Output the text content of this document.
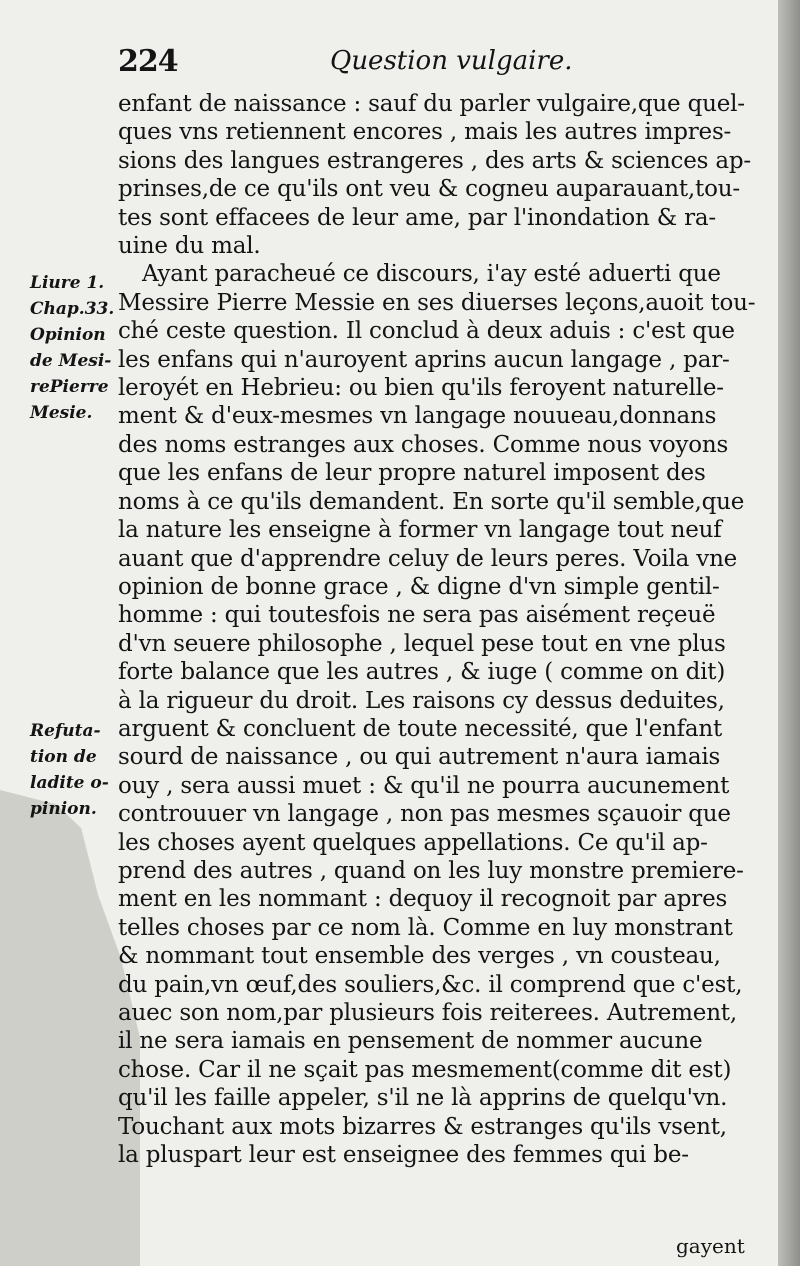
224	Question vulgaire.
Liure 1.
Chap.33.
Opinion
de Mesi-
rePierre
Mesie.
Refuta-
tion de
ladite o-
pinion.
enfant de naissance : sauf du parler vulgaire,que quel-
ques vns retiennent encores , mais les autres impres-
sions des langues estrangeres , des arts & sciences ap-
prinses,de ce qu'ils ont veu & cogneu auparauant,tou-
tes sont effacees de leur ame, par l'inondation & ra-
uine du mal.
Ayant paracheué ce discours, i'ay esté aduerti que
Messire Pierre Messie en ses diuerses leçons,auoit tou-
ché ceste question. Il conclud à deux aduis : c'est que
les enfans qui n'auroyent aprins aucun langage , par-
leroyét en Hebrieu: ou bien qu'ils feroyent naturelle-
ment & d'eux-mesmes vn langage nouueau,donnans
des noms estranges aux choses. Comme nous voyons
que les enfans de leur propre naturel imposent des
noms à ce qu'ils demandent. En sorte qu'il semble,que
la nature les enseigne à former vn langage tout neuf
auant que d'apprendre celuy de leurs peres. Voila vne
opinion de bonne grace , & digne d'vn simple gentil-
homme : qui toutesfois ne sera pas aisément reçeuë
d'vn seuere philosophe , lequel pese tout en vne plus
forte balance que les autres , & iuge ( comme on dit)
à la rigueur du droit. Les raisons cy dessus deduites,
arguent & concluent de toute necessité, que l'enfant
sourd de naissance , ou qui autrement n'aura iamais
ouy , sera aussi muet : & qu'il ne pourra aucunement
controuuer vn langage , non pas mesmes sçauoir que
les choses ayent quelques appellations. Ce qu'il ap-
prend des autres , quand on les luy monstre premiere-
ment en les nommant : dequoy il recognoit par apres
telles choses par ce nom là. Comme en luy monstrant
& nommant tout ensemble des verges , vn cousteau,
du pain,vn œuf,des souliers,&c. il comprend que c'est,
auec son nom,par plusieurs fois reiterees. Autrement,
il ne sera iamais en pensement de nommer aucune
chose. Car il ne sçait pas mesmement(comme dit est)
qu'il les faille appeler, s'il ne là apprins de quelqu'vn.
Touchant aux mots bizarres & estranges qu'ils vsent,
la pluspart leur est enseignee des femmes qui be-
gayent
